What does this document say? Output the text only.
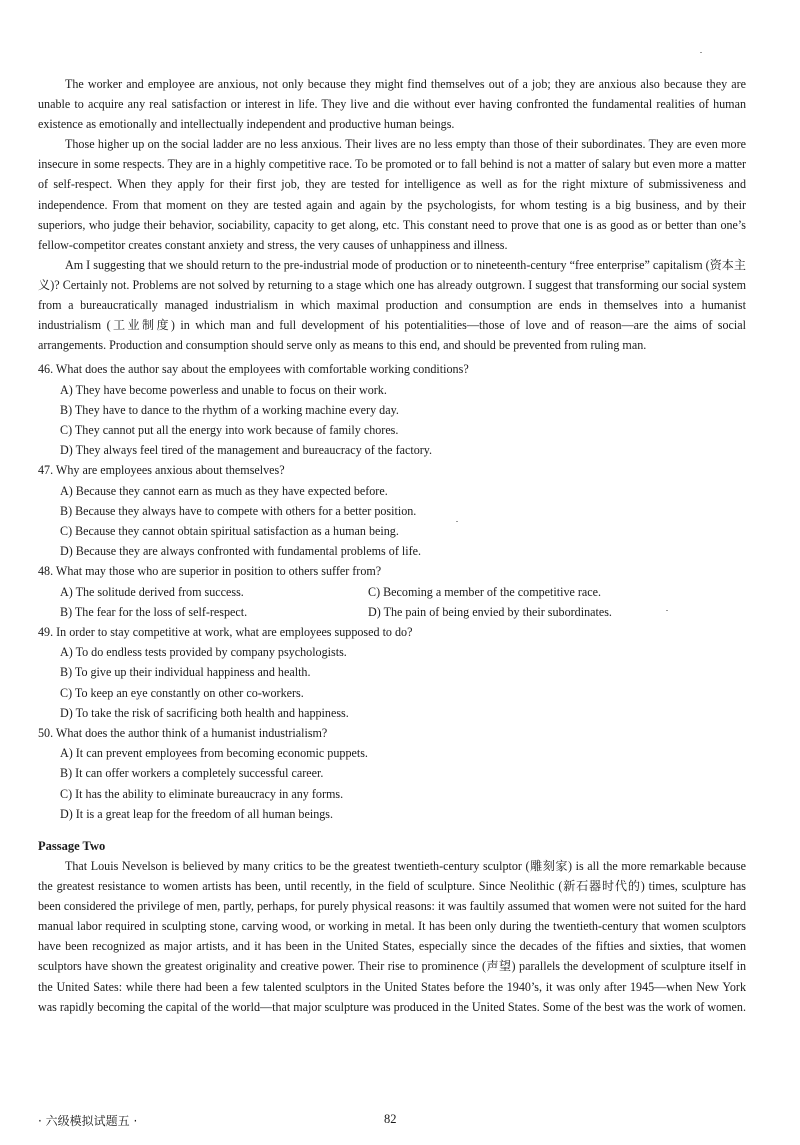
The worker and employee are anxious, not only because they might find themselves out of a job; they are anxious also because they are unable to acquire any real satisfaction or interest in life. They live and die without ever having confronted the fundamental realities of human existence as emotionally and intellectually independent and productive human beings.

Those higher up on the social ladder are no less anxious. Their lives are no less empty than those of their subordinates. They are even more insecure in some respects. They are in a highly competitive race. To be promoted or to fall behind is not a matter of salary but even more a matter of self-respect. When they apply for their first job, they are tested for intelligence as well as for the right mixture of submissiveness and independence. From that moment on they are tested again and again by the psychologists, for whom testing is a big business, and by their superiors, who judge their behavior, sociability, capacity to get along, etc. This constant need to prove that one is as good as or better than one’s fellow-competitor creates constant anxiety and stress, the very causes of unhappiness and illness.

Am I suggesting that we should return to the pre-industrial mode of production or to nineteenth-century “free enterprise” capitalism (资本主义)? Certainly not. Problems are not solved by returning to a stage which one has already outgrown. I suggest that transforming our social system from a bureaucratically managed industrialism in which maximal production and consumption are ends in themselves into a humanist industrialism (工业制度) in which man and full development of his potentialities—those of love and of reason—are the aims of social arrangements. Production and consumption should serve only as means to this end, and should be prevented from ruling man.

46. What does the author say about the employees with comfortable working conditions?

A) They have become powerless and unable to focus on their work.

B) They have to dance to the rhythm of a working machine every day.

C) They cannot put all the energy into work because of family chores.

D) They always feel tired of the management and bureaucracy of the factory.

47. Why are employees anxious about themselves?

A) Because they cannot earn as much as they have expected before.

B) Because they always have to compete with others for a better position.

C) Because they cannot obtain spiritual satisfaction as a human being.

D) Because they are always confronted with fundamental problems of life.

48. What may those who are superior in position to others suffer from?

A) The solitude derived from success.	C) Becoming a member of the competitive race.

B) The fear for the loss of self-respect.	D) The pain of being envied by their subordinates.

49. In order to stay competitive at work, what are employees supposed to do?

A) To do endless tests provided by company psychologists.

B) To give up their individual happiness and health.

C) To keep an eye constantly on other co-workers.

D) To take the risk of sacrificing both health and happiness.

50. What does the author think of a humanist industrialism?

A) It can prevent employees from becoming economic puppets.

B) It can offer workers a completely successful career.

C) It has the ability to eliminate bureaucracy in any forms.

D) It is a great leap for the freedom of all human beings.

Passage Two

That Louis Nevelson is believed by many critics to be the greatest twentieth-century sculptor (雕刻家) is all the more remarkable because the greatest resistance to women artists has been, until recently, in the field of sculpture. Since Neolithic (新石器时代的) times, sculpture has been considered the privilege of men, partly, perhaps, for purely physical reasons: it was faultily assumed that women were not suited for the hard manual labor required in sculpting stone, carving wood, or working in metal. It has been only during the twentieth-century that women sculptors have been recognized as major artists, and it has been in the United States, especially since the decades of the fifties and sixties, that women sculptors have shown the greatest originality and creative power. Their rise to prominence (声望) parallels the development of sculpture itself in the United Sates: while there had been a few talented sculptors in the United States before the 1940’s, it was only after 1945—when New York was rapidly becoming the capital of the world—that major sculpture was produced in the United States. Some of the best was the work of women.

· 六级模拟试题五 ·	82
